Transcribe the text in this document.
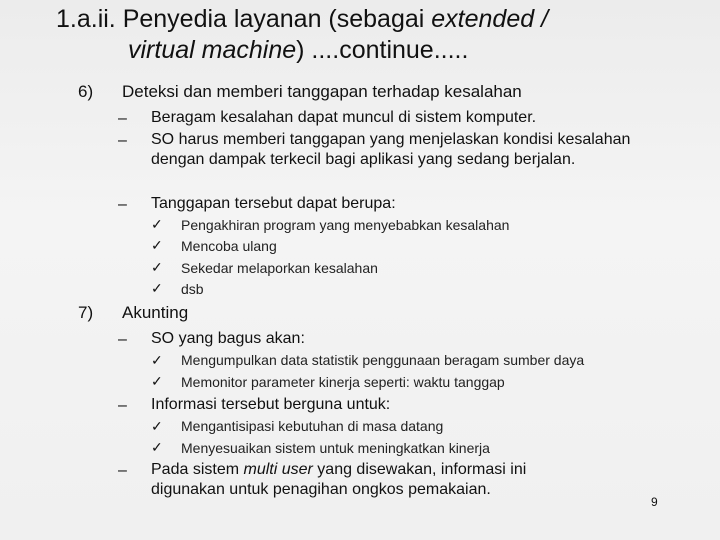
1.a.ii. Penyedia layanan (sebagai extended /
virtual machine) ....continue.....
6) Deteksi dan memberi tanggapan terhadap kesalahan
– Beragam kesalahan dapat muncul di sistem komputer.
– SO harus memberi tanggapan yang menjelaskan kondisi kesalahan dengan dampak terkecil bagi aplikasi yang sedang berjalan.
– Tanggapan tersebut dapat berupa:
✓ Pengakhiran program yang menyebabkan kesalahan
✓ Mencoba ulang
✓ Sekedar melaporkan kesalahan
✓ dsb
7) Akunting
– SO yang bagus akan:
✓ Mengumpulkan data statistik penggunaan beragam sumber daya
✓ Memonitor parameter kinerja seperti: waktu tanggap
– Informasi tersebut berguna untuk:
✓ Mengantisipasi kebutuhan di masa datang
✓ Menyesuaikan sistem untuk meningkatkan kinerja
– Pada sistem multi user yang disewakan, informasi ini digunakan untuk penagihan ongkos pemakaian.
9
